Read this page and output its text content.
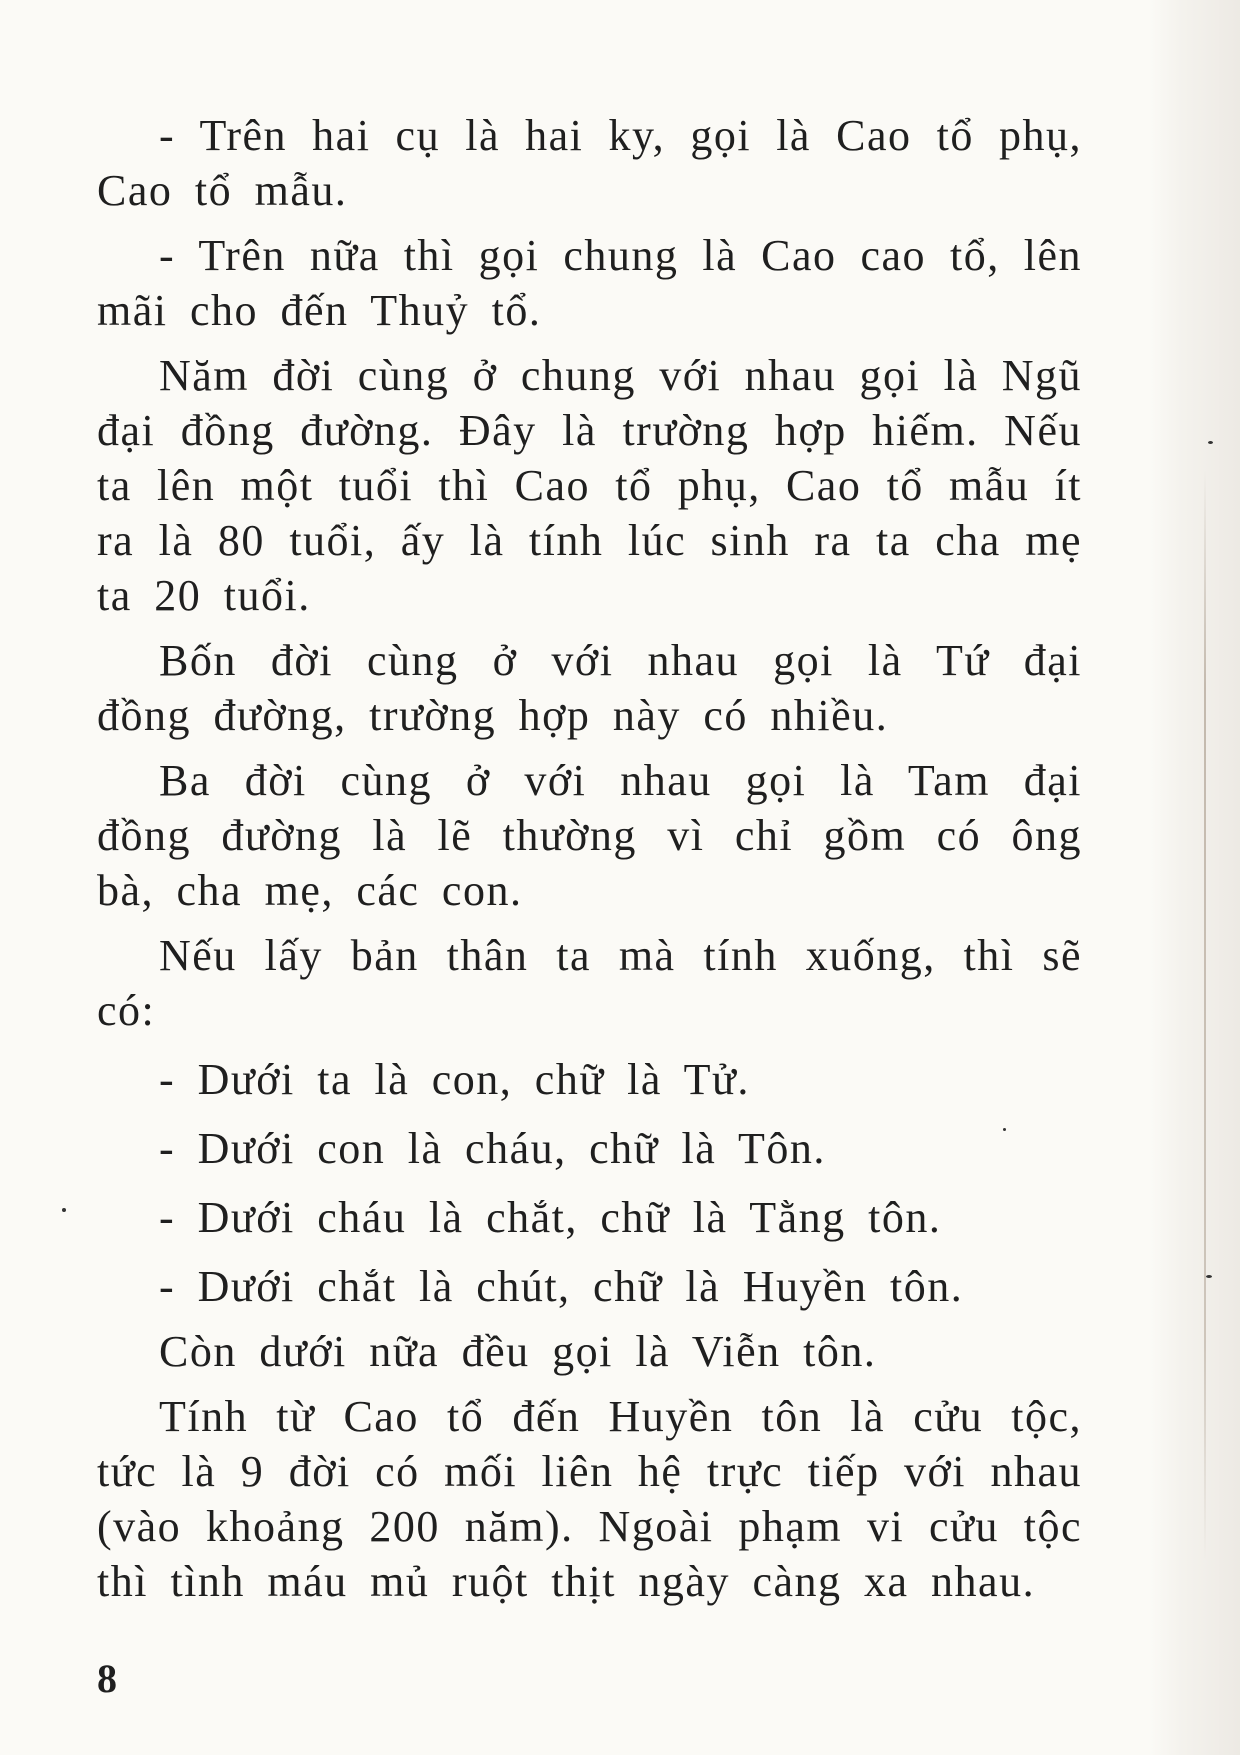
- Trên hai cụ là hai ky, gọi là Cao tổ phụ, Cao tổ mẫu.

- Trên nữa thì gọi chung là Cao cao tổ, lên mãi cho đến Thuỷ tổ.

Năm đời cùng ở chung với nhau gọi là Ngũ đại đồng đường. Đây là trường hợp hiếm. Nếu ta lên một tuổi thì Cao tổ phụ, Cao tổ mẫu ít ra là 80 tuổi, ấy là tính lúc sinh ra ta cha mẹ ta 20 tuổi.

Bốn đời cùng ở với nhau gọi là Tứ đại đồng đường, trường hợp này có nhiều.

Ba đời cùng ở với nhau gọi là Tam đại đồng đường là lẽ thường vì chỉ gồm có ông bà, cha mẹ, các con.

Nếu lấy bản thân ta mà tính xuống, thì sẽ có:

- Dưới ta là con, chữ là Tử.

- Dưới con là cháu, chữ là Tôn.

- Dưới cháu là chắt, chữ là Tằng tôn.

- Dưới chắt là chút, chữ là Huyền tôn.

Còn dưới nữa đều gọi là Viễn tôn.

Tính từ Cao tổ đến Huyền tôn là cửu tộc, tức là 9 đời có mối liên hệ trực tiếp với nhau (vào khoảng 200 năm). Ngoài phạm vi cửu tộc thì tình máu mủ ruột thịt ngày càng xa nhau.

8
